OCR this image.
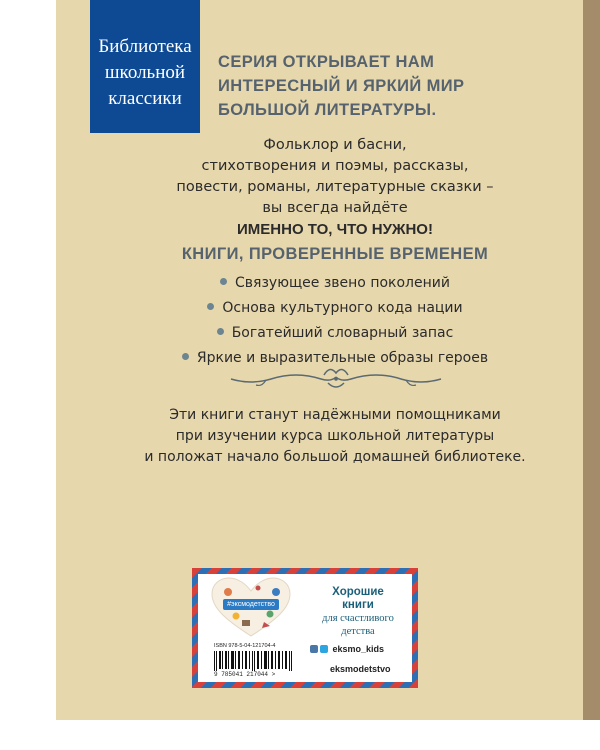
Библиотека
школьной
классики
СЕРИЯ ОТКРЫВАЕТ НАМ
ИНТЕРЕСНЫЙ И ЯРКИЙ МИР
БОЛЬШОЙ ЛИТЕРАТУРЫ.
Фольклор и басни,
стихотворения и поэмы, рассказы,
повести, романы, литературные сказки –
вы всегда найдёте
ИМЕННО ТО, ЧТО НУЖНО!
КНИГИ, ПРОВЕРЕННЫЕ ВРЕМЕНЕМ
Связующее звено поколений
Основа культурного кода нации
Богатейший словарный запас
Яркие и выразительные образы героев
Эти книги станут надёжными помощниками
при изучении курса школьной литературы
и положат начало большой домашней библиотеке.
#эксмодетство
Хорошие
книги
для счастливого
детства
ISBN 978-5-04-121704-4
9 785041 217044 >
eksmo_kids
eksmodetstvo
